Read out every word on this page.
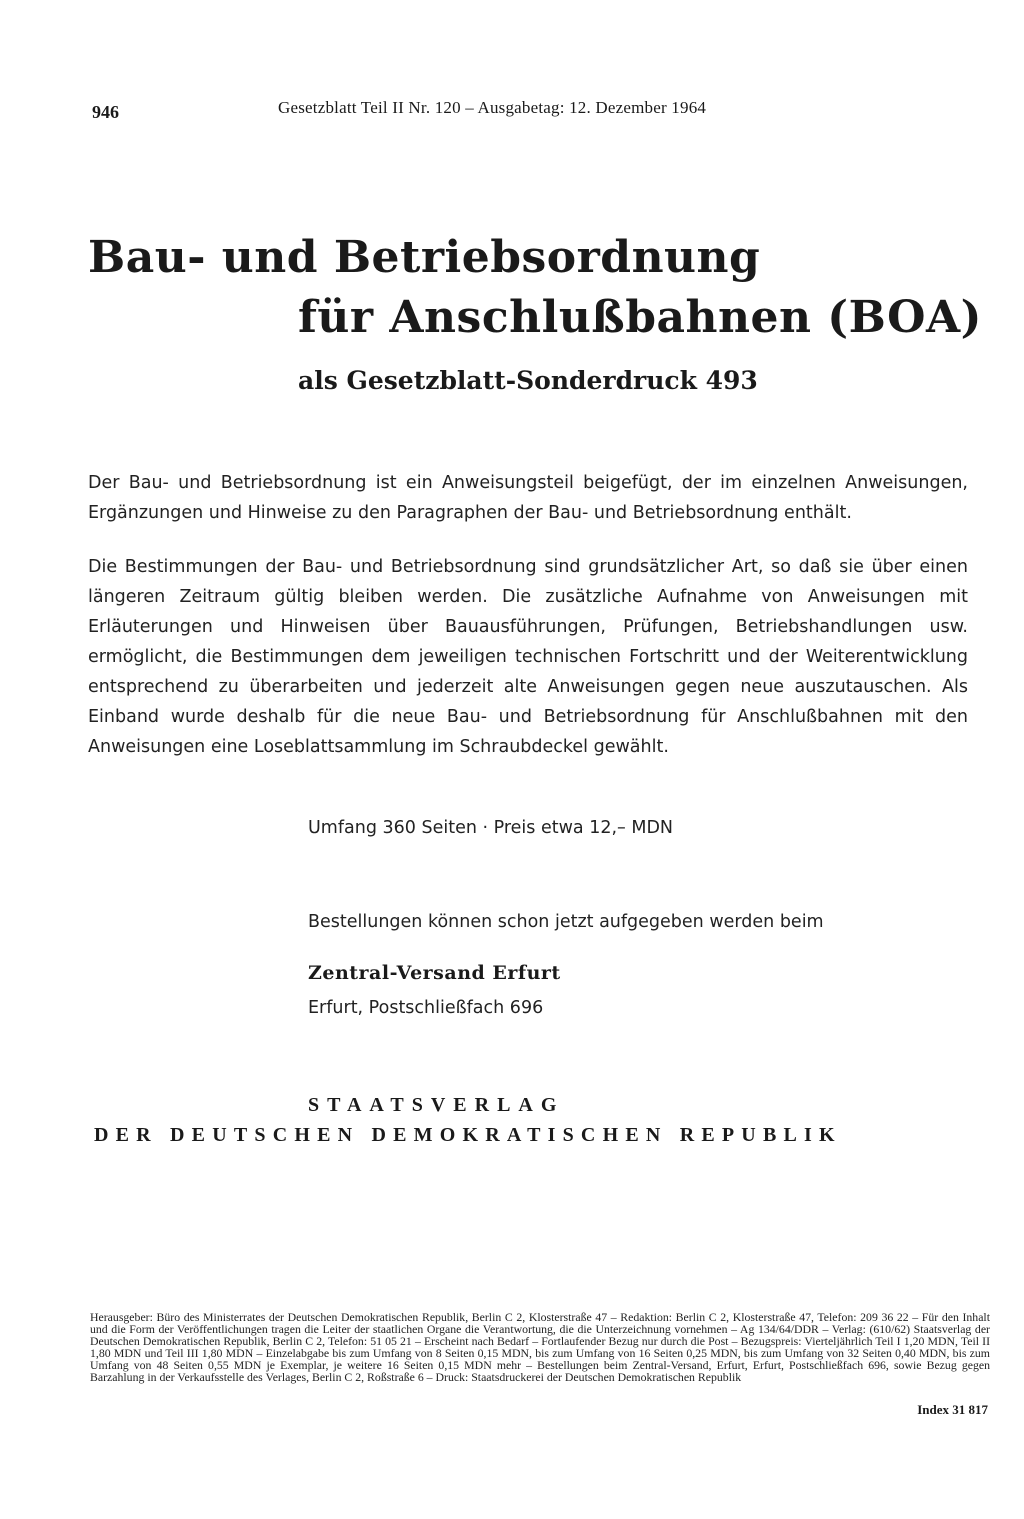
946	Gesetzblatt Teil II Nr. 120 – Ausgabetag: 12. Dezember 1964
Bau- und Betriebsordnung
für Anschlußbahnen (BOA)
als Gesetzblatt-Sonderdruck 493

Der Bau- und Betriebsordnung ist ein Anweisungsteil beigefügt, der im einzelnen Anweisungen, Ergänzungen und Hinweise zu den Paragraphen der Bau- und Betriebsordnung enthält.

Die Bestimmungen der Bau- und Betriebsordnung sind grundsätzlicher Art, so daß sie über einen längeren Zeitraum gültig bleiben werden. Die zusätzliche Aufnahme von Anweisungen mit Erläuterungen und Hinweisen über Bauausführungen, Prüfungen, Betriebshandlungen usw. ermöglicht, die Bestimmungen dem jeweiligen technischen Fortschritt und der Weiterentwicklung entsprechend zu überarbeiten und jederzeit alte Anweisungen gegen neue auszutauschen. Als Einband wurde deshalb für die neue Bau- und Betriebsordnung für Anschlußbahnen mit den Anweisungen eine Loseblattsammlung im Schraubdeckel gewählt.

Umfang 360 Seiten · Preis etwa 12,– MDN
Bestellungen können schon jetzt aufgegeben werden beim
Zentral-Versand Erfurt
Erfurt, Postschließfach 696
STAATSVERLAG
DER DEUTSCHEN DEMOKRATISCHEN REPUBLIK
Herausgeber: Büro des Ministerrates der Deutschen Demokratischen Republik, Berlin C 2, Klosterstraße 47 – Redaktion: Berlin C 2, Klosterstraße 47, Telefon: 209 36 22 – Für den Inhalt und die Form der Veröffentlichungen tragen die Leiter der staatlichen Organe die Verantwortung, die die Unterzeichnung vornehmen – Ag 134/64/DDR – Verlag: (610/62) Staatsverlag der Deutschen Demokratischen Republik, Berlin C 2, Telefon: 51 05 21 – Erscheint nach Bedarf – Fortlaufender Bezug nur durch die Post – Bezugspreis: Vierteljährlich Teil I 1,20 MDN, Teil II 1,80 MDN und Teil III 1,80 MDN – Einzelabgabe bis zum Umfang von 8 Seiten 0,15 MDN, bis zum Umfang von 16 Seiten 0,25 MDN, bis zum Umfang von 32 Seiten 0,40 MDN, bis zum Umfang von 48 Seiten 0,55 MDN je Exemplar, je weitere 16 Seiten 0,15 MDN mehr – Bestellungen beim Zentral-Versand, Erfurt, Erfurt, Postschließfach 696, sowie Bezug gegen Barzahlung in der Verkaufsstelle des Verlages, Berlin C 2, Roßstraße 6 – Druck: Staatsdruckerei der Deutschen Demokratischen Republik
Index 31 817
